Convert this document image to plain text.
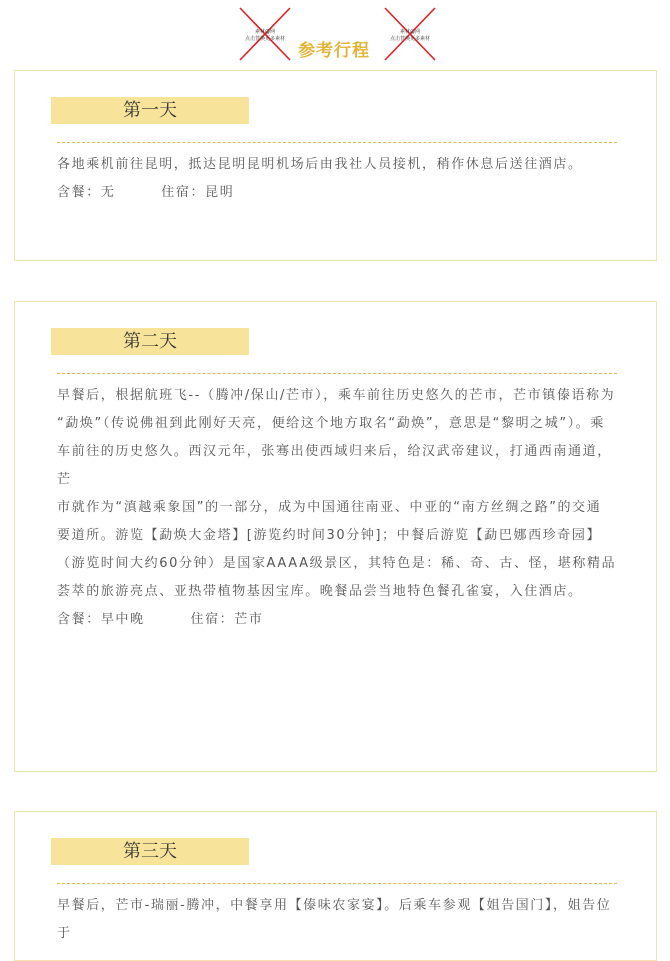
素材@网
点击替换更多素材
参考行程
素材@网
点击替换更多素材
第一天

各地乘机前往昆明，抵达昆明昆明机场后由我社人员接机，稍作休息后送往酒店。

含餐：无	住宿：昆明

第二天

早餐后，根据航班飞--（腾冲/保山/芒市），乘车前往历史悠久的芒市，芒市镇傣语称为

“勐焕”（传说佛祖到此刚好天亮，便给这个地方取名“勐焕”，意思是“黎明之城”）。乘

车前往的历史悠久。西汉元年，张骞出使西域归来后，给汉武帝建议，打通西南通道，芒

市就作为“滇越乘象国”的一部分，成为中国通往南亚、中亚的“南方丝绸之路”的交通

要道所。游览【勐焕大金塔】[游览约时间30分钟]；中餐后游览【勐巴娜西珍奇园】（游览时间大约60分钟）是国家AAAA级景区，其特色是：稀、奇、古、怪，堪称精品荟萃的旅游亮点、亚热带植物基因宝库。晚餐品尝当地特色餐孔雀宴，入住酒店。

含餐：早中晚	住宿：芒市

第三天

早餐后，芒市-瑞丽-腾冲，中餐享用【傣味农家宴】。后乘车参观【姐告国门】，姐告位于
